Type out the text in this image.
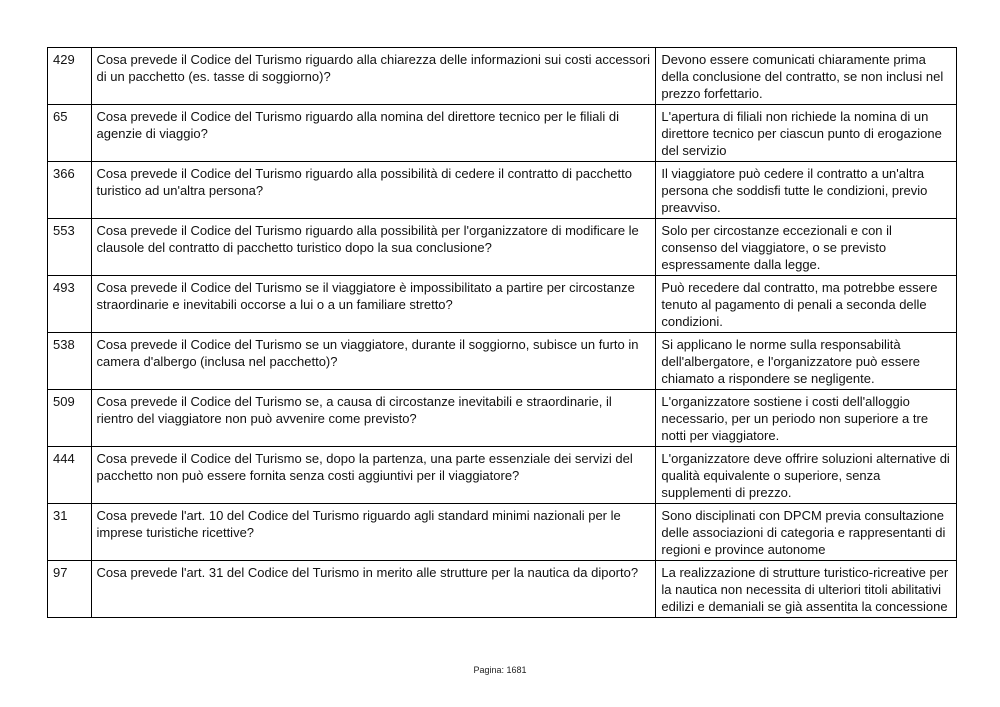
429	Cosa prevede il Codice del Turismo riguardo alla chiarezza delle informazioni sui costi accessori di un pacchetto (es. tasse di soggiorno)?	Devono essere comunicati chiaramente prima della conclusione del contratto, se non inclusi nel prezzo forfettario.
65	Cosa prevede il Codice del Turismo riguardo alla nomina del direttore tecnico per le filiali di agenzie di viaggio?	L'apertura di filiali non richiede la nomina di un direttore tecnico per ciascun punto di erogazione del servizio
366	Cosa prevede il Codice del Turismo riguardo alla possibilità di cedere il contratto di pacchetto turistico ad un'altra persona?	Il viaggiatore può cedere il contratto a un'altra persona che soddisfi tutte le condizioni, previo preavviso.
553	Cosa prevede il Codice del Turismo riguardo alla possibilità per l'organizzatore di modificare le clausole del contratto di pacchetto turistico dopo la sua conclusione?	Solo per circostanze eccezionali e con il consenso del viaggiatore, o se previsto espressamente dalla legge.
493	Cosa prevede il Codice del Turismo se il viaggiatore è impossibilitato a partire per circostanze straordinarie e inevitabili occorse a lui o a un familiare stretto?	Può recedere dal contratto, ma potrebbe essere tenuto al pagamento di penali a seconda delle condizioni.
538	Cosa prevede il Codice del Turismo se un viaggiatore, durante il soggiorno, subisce un furto in camera d'albergo (inclusa nel pacchetto)?	Si applicano le norme sulla responsabilità dell'albergatore, e l'organizzatore può essere chiamato a rispondere se negligente.
509	Cosa prevede il Codice del Turismo se, a causa di circostanze inevitabili e straordinarie, il rientro del viaggiatore non può avvenire come previsto?	L'organizzatore sostiene i costi dell'alloggio necessario, per un periodo non superiore a tre notti per viaggiatore.
444	Cosa prevede il Codice del Turismo se, dopo la partenza, una parte essenziale dei servizi del pacchetto non può essere fornita senza costi aggiuntivi per il viaggiatore?	L'organizzatore deve offrire soluzioni alternative di qualità equivalente o superiore, senza supplementi di prezzo.
31	Cosa prevede l'art. 10 del Codice del Turismo riguardo agli standard minimi nazionali per le imprese turistiche ricettive?	Sono disciplinati con DPCM previa consultazione delle associazioni di categoria e rappresentanti di regioni e province autonome
97	Cosa prevede l'art. 31 del Codice del Turismo in merito alle strutture per la nautica da diporto?	La realizzazione di strutture turistico-ricreative per la nautica non necessita di ulteriori titoli abilitativi edilizi e demaniali se già assentita la concessione
Pagina: 1681
